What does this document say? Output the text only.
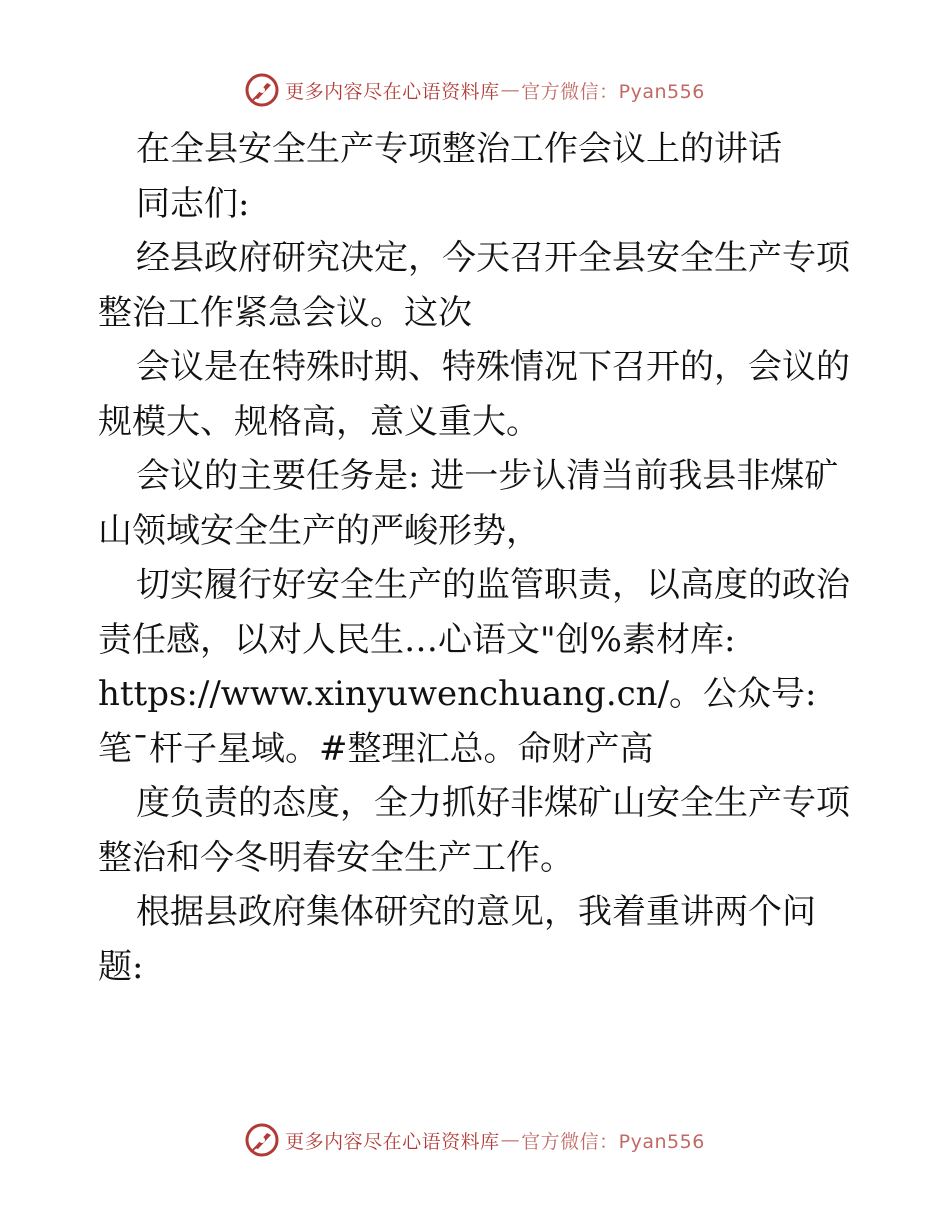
更多内容尽在心语资料库 — 官方微信：Pyan556

在全县安全生产专项整治工作会议上的讲话

同志们:

经县政府研究决定，今天召开全县安全生产专项整治工作紧急会议。这次

会议是在特殊时期、特殊情况下召开的，会议的规模大、规格高，意义重大。

会议的主要任务是: 进一步认清当前我县非煤矿山领域安全生产的严峻形势，

切实履行好安全生产的监管职责，以高度的政治责任感，以对人民生…心语文"创%素材库:

https://www.xinyuwenchuang.cn/。公众号: 笔¯杆子星域。#整理汇总。命财产高

度负责的态度，全力抓好非煤矿山安全生产专项整治和今冬明春安全生产工作。

根据县政府集体研究的意见，我着重讲两个问题:

更多内容尽在心语资料库 — 官方微信：Pyan556
